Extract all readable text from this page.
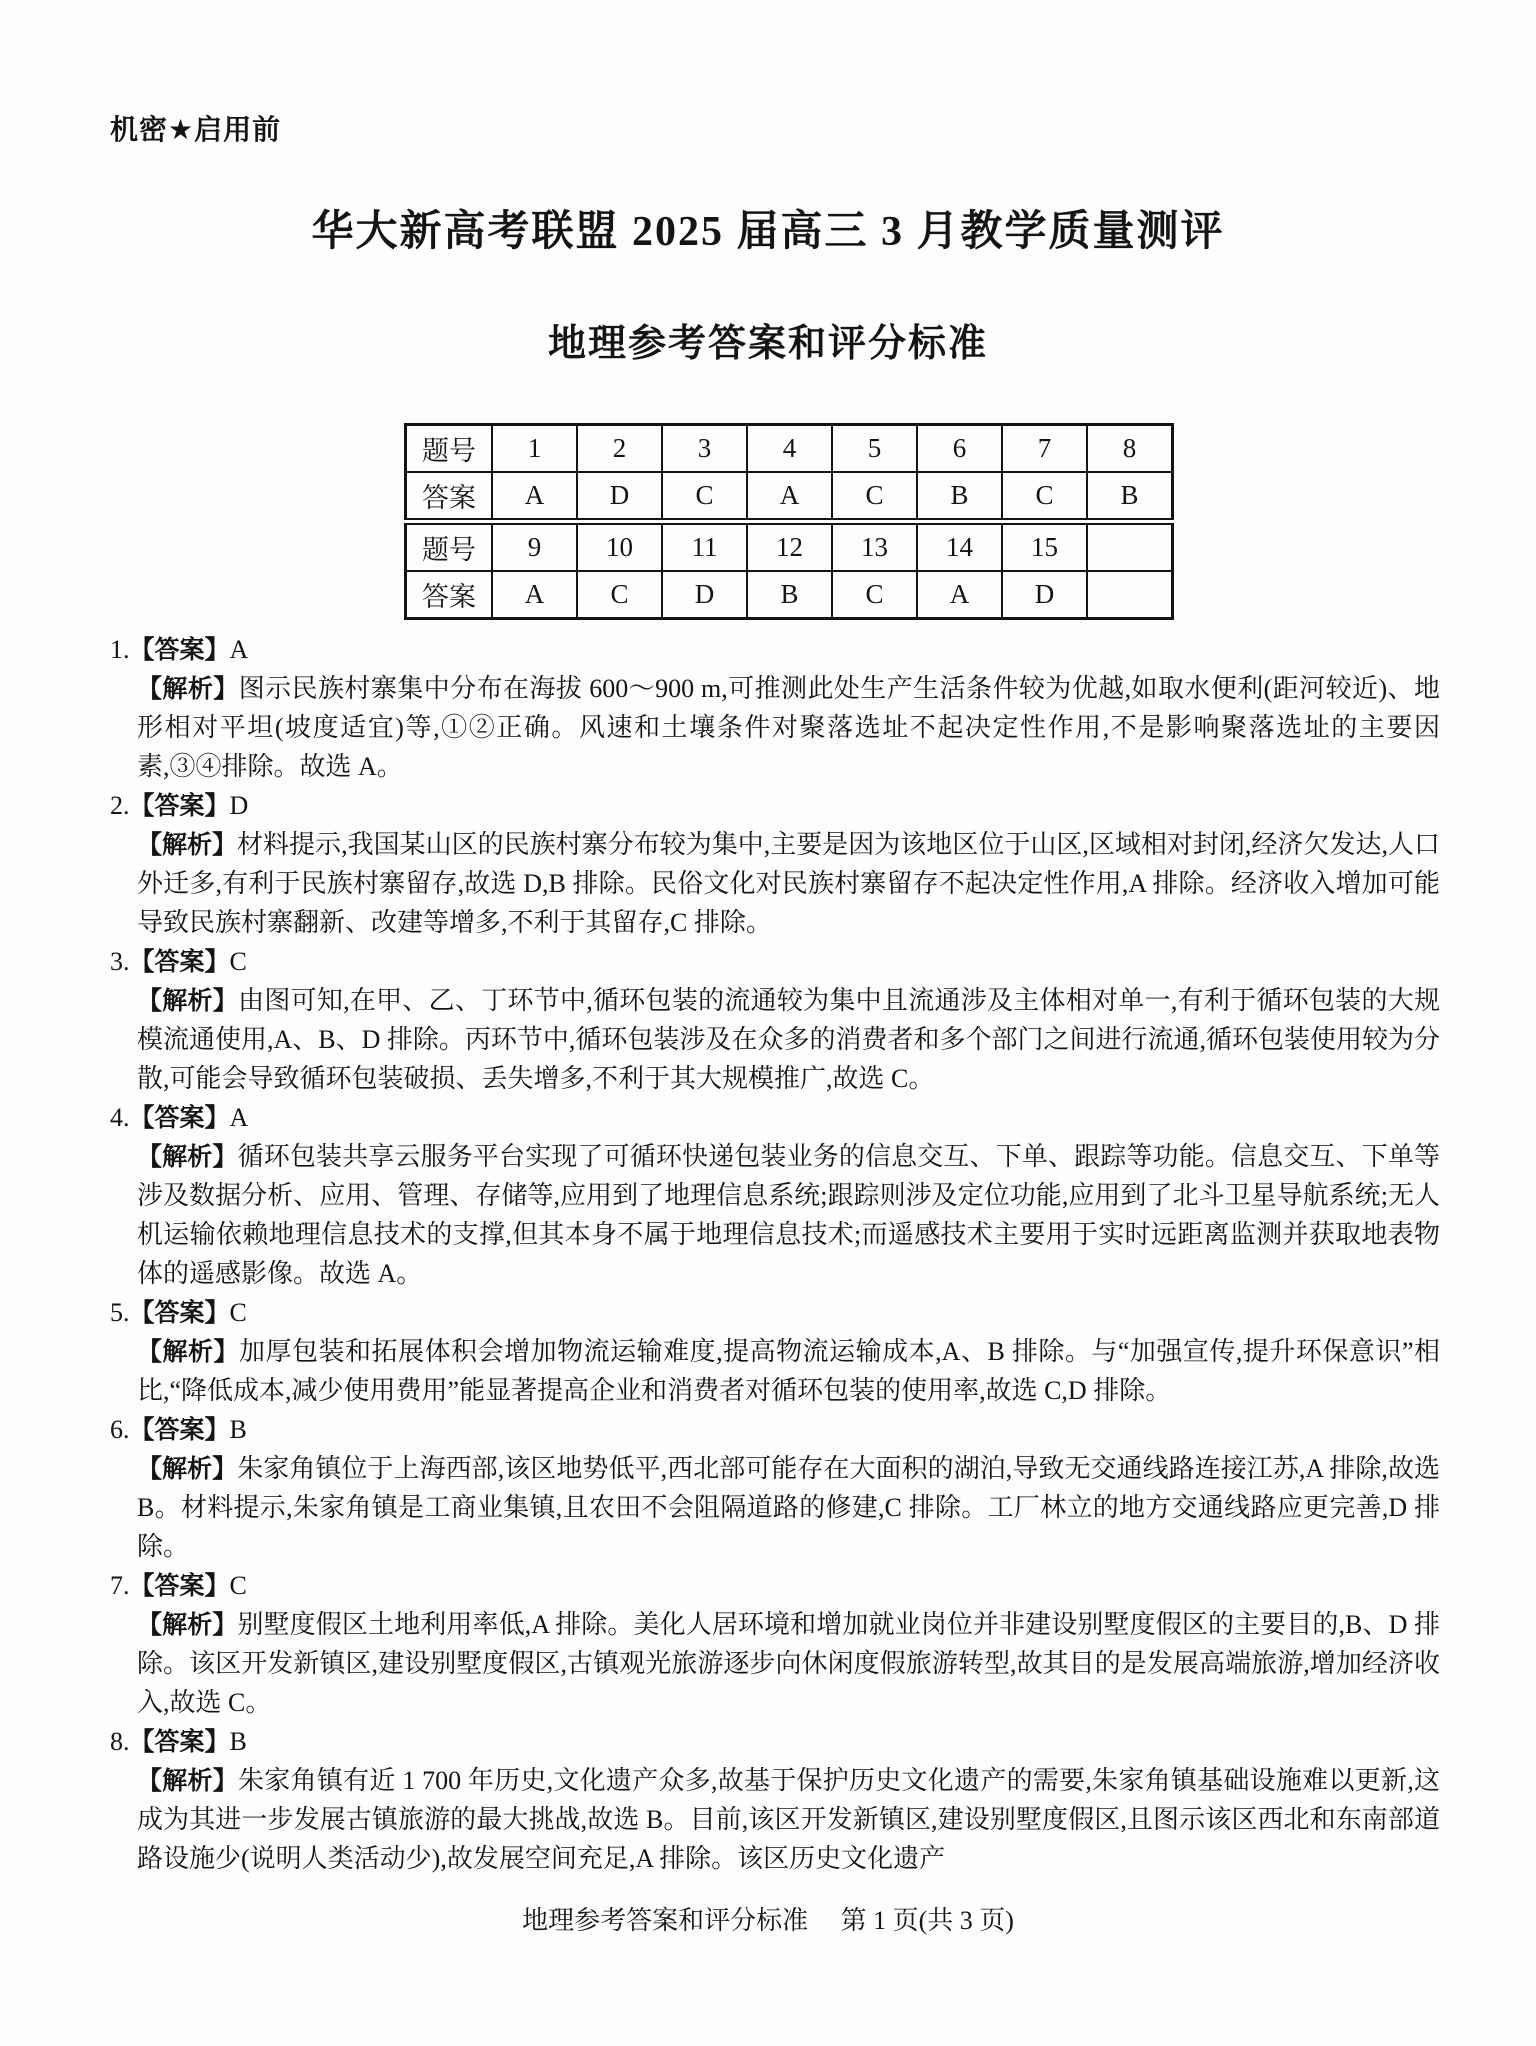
机密★启用前
华大新高考联盟 2025 届高三 3 月教学质量测评
地理参考答案和评分标准
题号	1	2	3	4	5	6	7	8
答案	A	D	C	A	C	B	C	B
题号	9	10	11	12	13	14	15	
答案	A	C	D	B	C	A	D	
1.【答案】A

【解析】图示民族村寨集中分布在海拔 600～900 m,可推测此处生产生活条件较为优越,如取水便利(距河较近)、地形相对平坦(坡度适宜)等,①②正确。风速和土壤条件对聚落选址不起决定性作用,不是影响聚落选址的主要因素,③④排除。故选 A。

2.【答案】D

【解析】材料提示,我国某山区的民族村寨分布较为集中,主要是因为该地区位于山区,区域相对封闭,经济欠发达,人口外迁多,有利于民族村寨留存,故选 D,B 排除。民俗文化对民族村寨留存不起决定性作用,A 排除。经济收入增加可能导致民族村寨翻新、改建等增多,不利于其留存,C 排除。

3.【答案】C

【解析】由图可知,在甲、乙、丁环节中,循环包装的流通较为集中且流通涉及主体相对单一,有利于循环包装的大规模流通使用,A、B、D 排除。丙环节中,循环包装涉及在众多的消费者和多个部门之间进行流通,循环包装使用较为分散,可能会导致循环包装破损、丢失增多,不利于其大规模推广,故选 C。

4.【答案】A

【解析】循环包装共享云服务平台实现了可循环快递包装业务的信息交互、下单、跟踪等功能。信息交互、下单等涉及数据分析、应用、管理、存储等,应用到了地理信息系统;跟踪则涉及定位功能,应用到了北斗卫星导航系统;无人机运输依赖地理信息技术的支撑,但其本身不属于地理信息技术;而遥感技术主要用于实时远距离监测并获取地表物体的遥感影像。故选 A。

5.【答案】C

【解析】加厚包装和拓展体积会增加物流运输难度,提高物流运输成本,A、B 排除。与“加强宣传,提升环保意识”相比,“降低成本,减少使用费用”能显著提高企业和消费者对循环包装的使用率,故选 C,D 排除。

6.【答案】B

【解析】朱家角镇位于上海西部,该区地势低平,西北部可能存在大面积的湖泊,导致无交通线路连接江苏,A 排除,故选 B。材料提示,朱家角镇是工商业集镇,且农田不会阻隔道路的修建,C 排除。工厂林立的地方交通线路应更完善,D 排除。

7.【答案】C

【解析】别墅度假区土地利用率低,A 排除。美化人居环境和增加就业岗位并非建设别墅度假区的主要目的,B、D 排除。该区开发新镇区,建设别墅度假区,古镇观光旅游逐步向休闲度假旅游转型,故其目的是发展高端旅游,增加经济收入,故选 C。

8.【答案】B

【解析】朱家角镇有近 1 700 年历史,文化遗产众多,故基于保护历史文化遗产的需要,朱家角镇基础设施难以更新,这成为其进一步发展古镇旅游的最大挑战,故选 B。目前,该区开发新镇区,建设别墅度假区,且图示该区西北和东南部道路设施少(说明人类活动少),故发展空间充足,A 排除。该区历史文化遗产

地理参考答案和评分标准 第 1 页(共 3 页)
